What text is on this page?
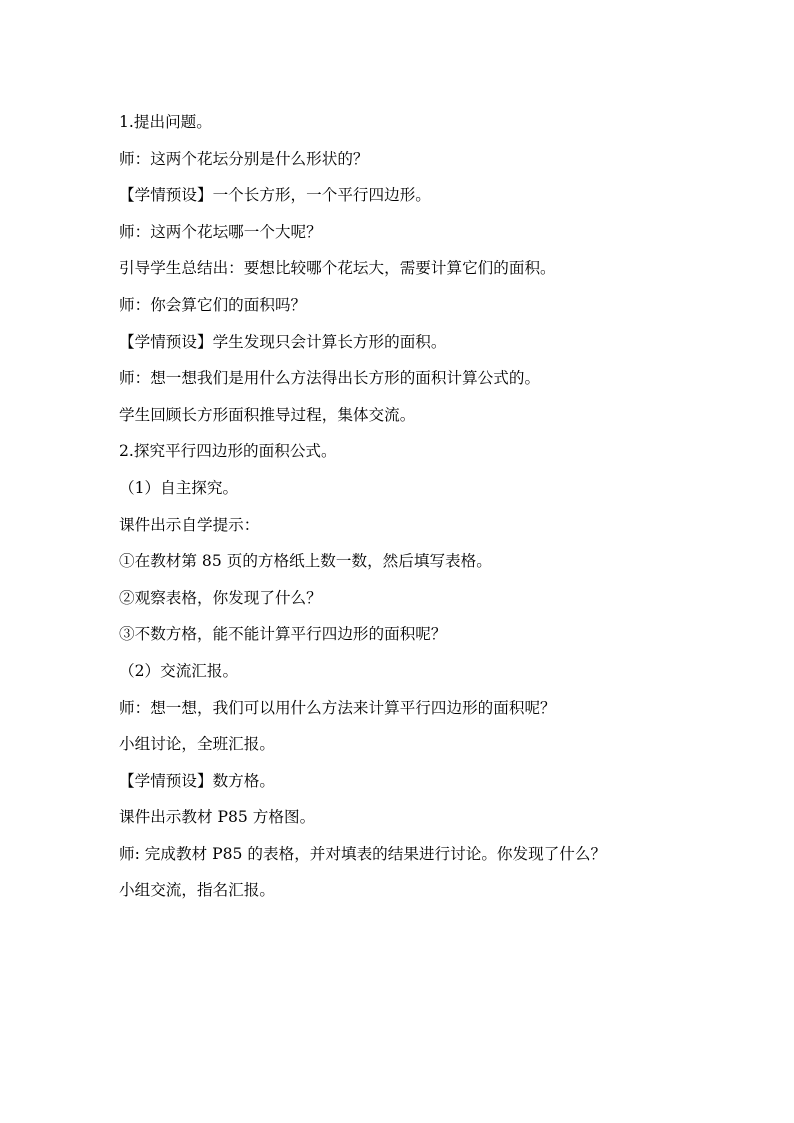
1.提出问题。
师：这两个花坛分别是什么形状的？
【学情预设】一个长方形，一个平行四边形。
师：这两个花坛哪一个大呢？
引导学生总结出：要想比较哪个花坛大，需要计算它们的面积。
师：你会算它们的面积吗？
【学情预设】学生发现只会计算长方形的面积。
师：想一想我们是用什么方法得出长方形的面积计算公式的。
学生回顾长方形面积推导过程，集体交流。
2.探究平行四边形的面积公式。
（1）自主探究。
课件出示自学提示：
①在教材第 85 页的方格纸上数一数，然后填写表格。
②观察表格，你发现了什么？
③不数方格，能不能计算平行四边形的面积呢？
（2）交流汇报。
师：想一想，我们可以用什么方法来计算平行四边形的面积呢？
小组讨论，全班汇报。
【学情预设】数方格。
课件出示教材 P85 方格图。
师: 完成教材 P85 的表格，并对填表的结果进行讨论。你发现了什么？
小组交流，指名汇报。
